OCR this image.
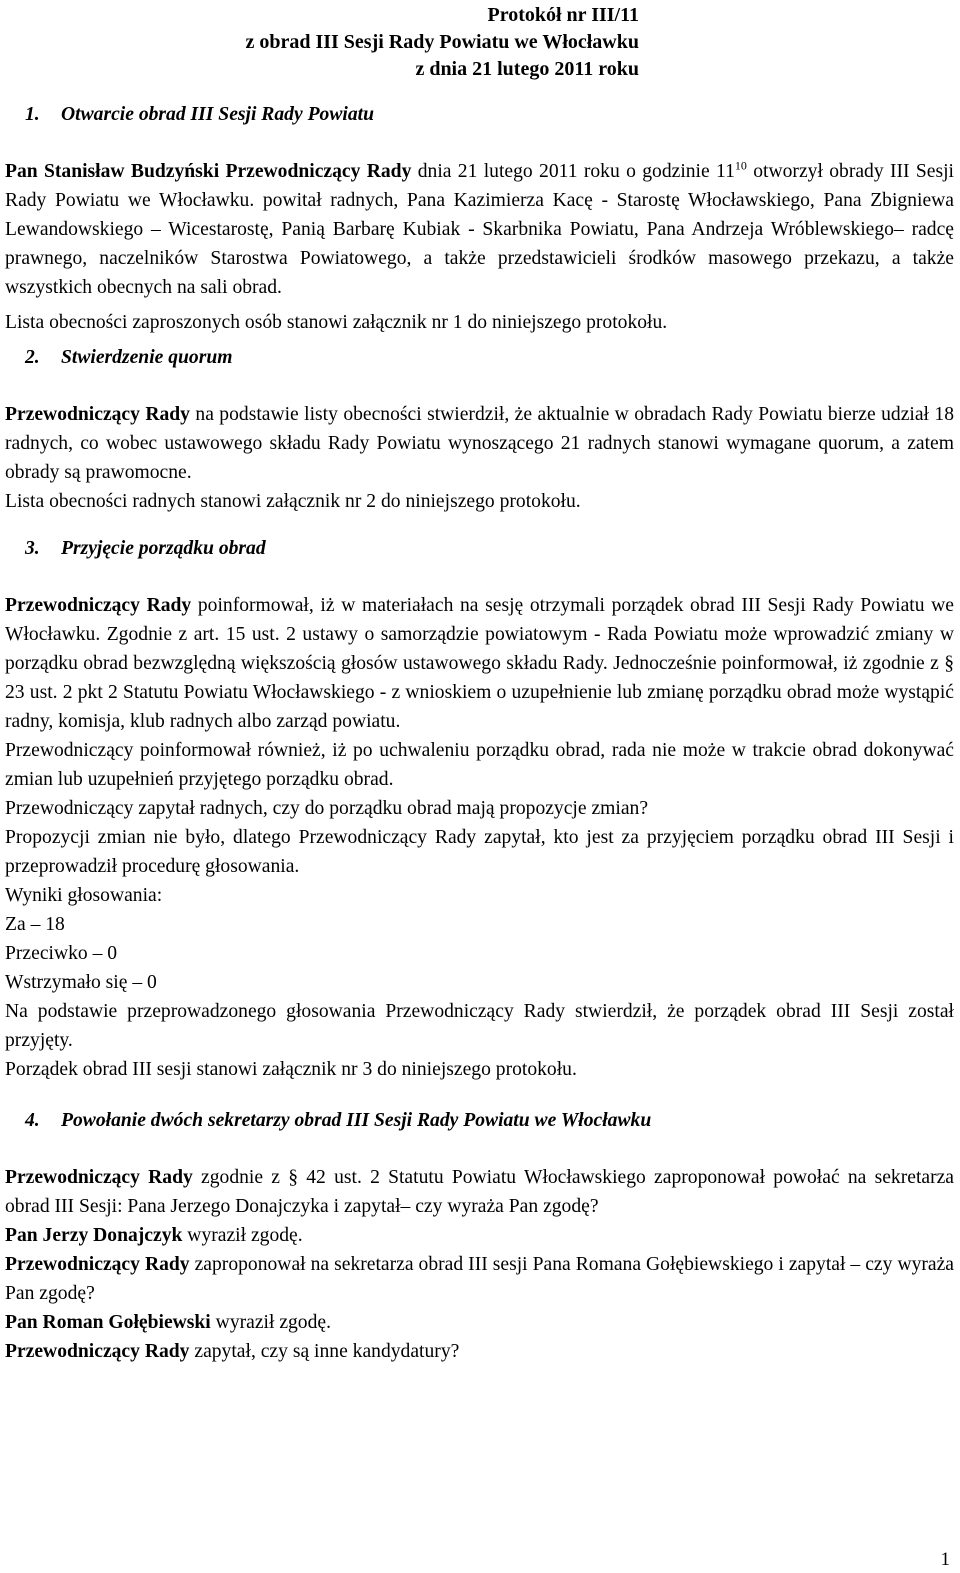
Protokół nr III/11
z obrad III Sesji Rady Powiatu we Włocławku
z dnia 21 lutego 2011 roku
1. Otwarcie obrad III Sesji Rady Powiatu

Pan Stanisław Budzyński Przewodniczący Rady dnia 21 lutego 2011 roku o godzinie $11^{10}$ otworzył obrady III Sesji Rady Powiatu we Włocławku. powitał radnych, Pana Kazimierza Kacę - Starostę Włocławskiego, Pana Zbigniewa Lewandowskiego – Wicestarostę, Panią Barbarę Kubiak - Skarbnika Powiatu, Pana Andrzeja Wróblewskiego– radcę prawnego, naczelników Starostwa Powiatowego, a także przedstawicieli środków masowego przekazu, a także wszystkich obecnych na sali obrad.

Lista obecności zaproszonych osób stanowi załącznik nr 1 do niniejszego protokołu.

2. Stwierdzenie quorum

Przewodniczący Rady na podstawie listy obecności stwierdził, że aktualnie w obradach Rady Powiatu bierze udział 18 radnych, co wobec ustawowego składu Rady Powiatu wynoszącego 21 radnych stanowi wymagane quorum, a zatem obrady są prawomocne.

Lista obecności radnych stanowi załącznik nr 2 do niniejszego protokołu.

3. Przyjęcie porządku obrad

Przewodniczący Rady poinformował, iż w materiałach na sesję otrzymali porządek obrad III Sesji Rady Powiatu we Włocławku. Zgodnie z art. 15 ust. 2 ustawy o samorządzie powiatowym - Rada Powiatu może wprowadzić zmiany w porządku obrad bezwzględną większością głosów ustawowego składu Rady. Jednocześnie poinformował, iż zgodnie z § 23 ust. 2 pkt 2 Statutu Powiatu Włocławskiego - z wnioskiem o uzupełnienie lub zmianę porządku obrad może wystąpić radny, komisja, klub radnych albo zarząd powiatu.

Przewodniczący poinformował również, iż po uchwaleniu porządku obrad, rada nie może w trakcie obrad dokonywać zmian lub uzupełnień przyjętego porządku obrad.

Przewodniczący zapytał radnych, czy do porządku obrad mają propozycje zmian?

Propozycji zmian nie było, dlatego Przewodniczący Rady zapytał, kto jest za przyjęciem porządku obrad III Sesji i przeprowadził procedurę głosowania.

Wyniki głosowania:

Za – 18

Przeciwko – 0

Wstrzymało się – 0

Na podstawie przeprowadzonego głosowania Przewodniczący Rady stwierdził, że porządek obrad III Sesji został przyjęty.

Porządek obrad III sesji stanowi załącznik nr 3 do niniejszego protokołu.

4. Powołanie dwóch sekretarzy obrad III Sesji Rady Powiatu we Włocławku

Przewodniczący Rady zgodnie z § 42 ust. 2 Statutu Powiatu Włocławskiego zaproponował powołać na sekretarza obrad III Sesji: Pana Jerzego Donajczyka i zapytał– czy wyraża Pan zgodę?

Pan Jerzy Donajczyk wyraził zgodę.

Przewodniczący Rady zaproponował na sekretarza obrad III sesji Pana Romana Gołębiewskiego i zapytał – czy wyraża Pan zgodę?

Pan Roman Gołębiewski wyraził zgodę.

Przewodniczący Rady zapytał, czy są inne kandydatury?

1
